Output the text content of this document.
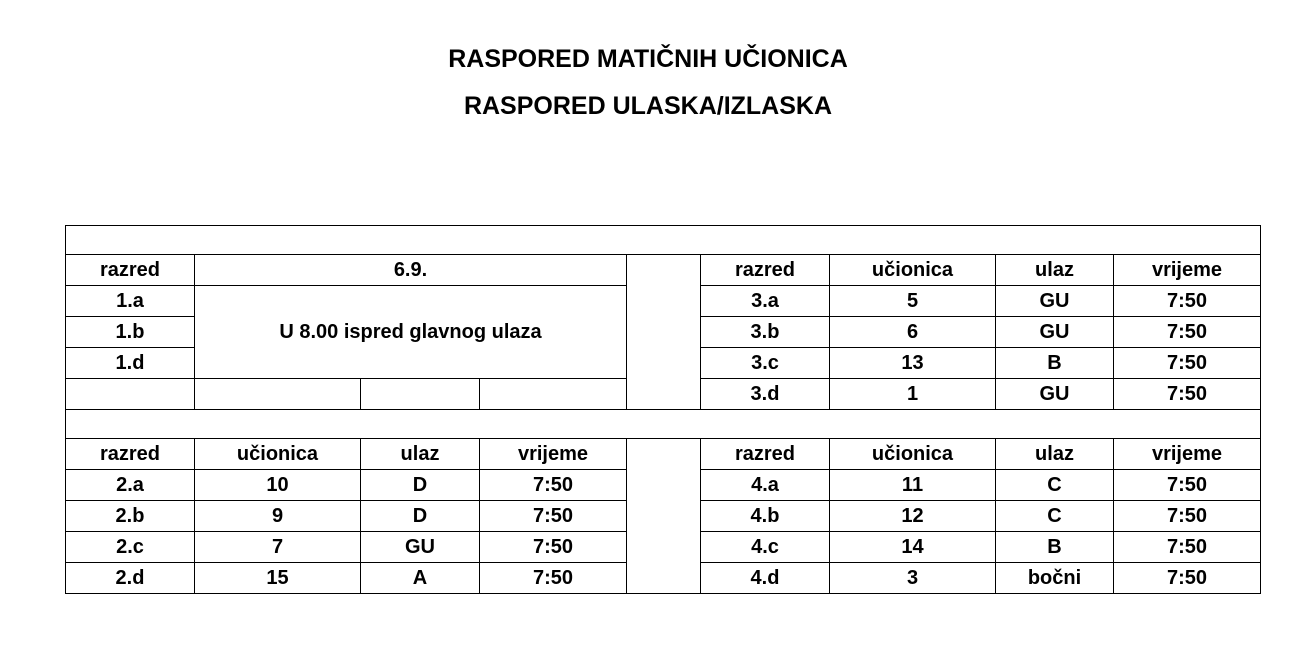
RASPORED MATIČNIH UČIONICA
RASPORED ULASKA/IZLASKA

razred	6.9.				razred	učionica	ulaz	vrijeme
1.a	U 8.00 ispred glavnog ulaza				3.a	5	GU	7:50
1.b					3.b	6	GU	7:50
1.d					3.c	13	B	7:50
					3.d	1	GU	7:50

razred	učionica	ulaz	vrijeme		razred	učionica	ulaz	vrijeme
2.a	10	D	7:50		4.a	11	C	7:50
2.b	9	D	7:50		4.b	12	C	7:50
2.c	7	GU	7:50		4.c	14	B	7:50
2.d	15	A	7:50		4.d	3	bočni	7:50
